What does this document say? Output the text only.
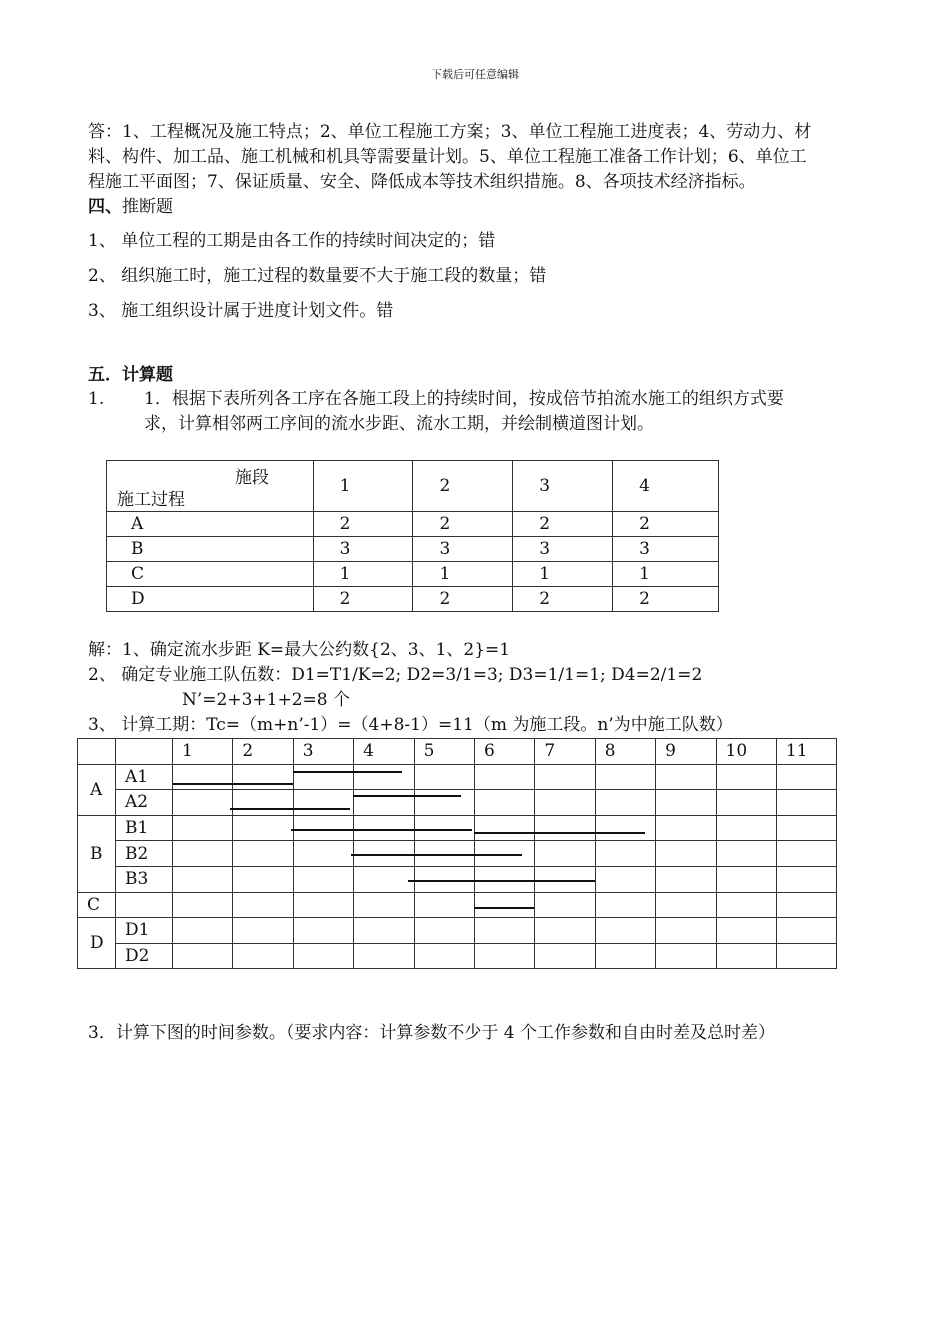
下载后可任意编辑
答：1、工程概况及施工特点；2、单位工程施工方案；3、单位工程施工进度表；4、劳动力、材
料、构件、加工品、施工机械和机具等需要量计划。5、单位工程施工准备工作计划；6、单位工
程施工平面图；7、保证质量、安全、降低成本等技术组织措施。8、各项技术经济指标。
四、推断题
1、 单位工程的工期是由各工作的持续时间决定的；错
2、 组织施工时，施工过程的数量要不大于施工段的数量；错
3、 施工组织设计属于进度计划文件。错
五．计算题
1. 1．根据下表所列各工序在各施工段上的持续时间，按成倍节拍流水施工的组织方式要
求，计算相邻两工序间的流水步距、流水工期，并绘制横道图计划。
施段
施工过程	1	2	3	4
A	2	2	2	2
B	3	3	3	3
C	1	1	1	1
D	2	2	2	2
解：1、确定流水步距 K=最大公约数{2、3、1、2}=1
2、 确定专业施工队伍数：D1=T1/K=2; D2=3/1=3; D3=1/1=1; D4=2/1=2
N’=2+3+1+2=8 个
3、 计算工期：Tc=（m+n’-1）=（4+8-1）=11（m 为施工段。n’为中施工队数）
		1	2	3	4	5	6	7	8	9	10	11
A	A1											
	A2											
B	B1											
	B2											
	B3											
C												
D	D1											
	D2											
3．计算下图的时间参数。（要求内容：计算参数不少于 4 个工作参数和自由时差及总时差）
